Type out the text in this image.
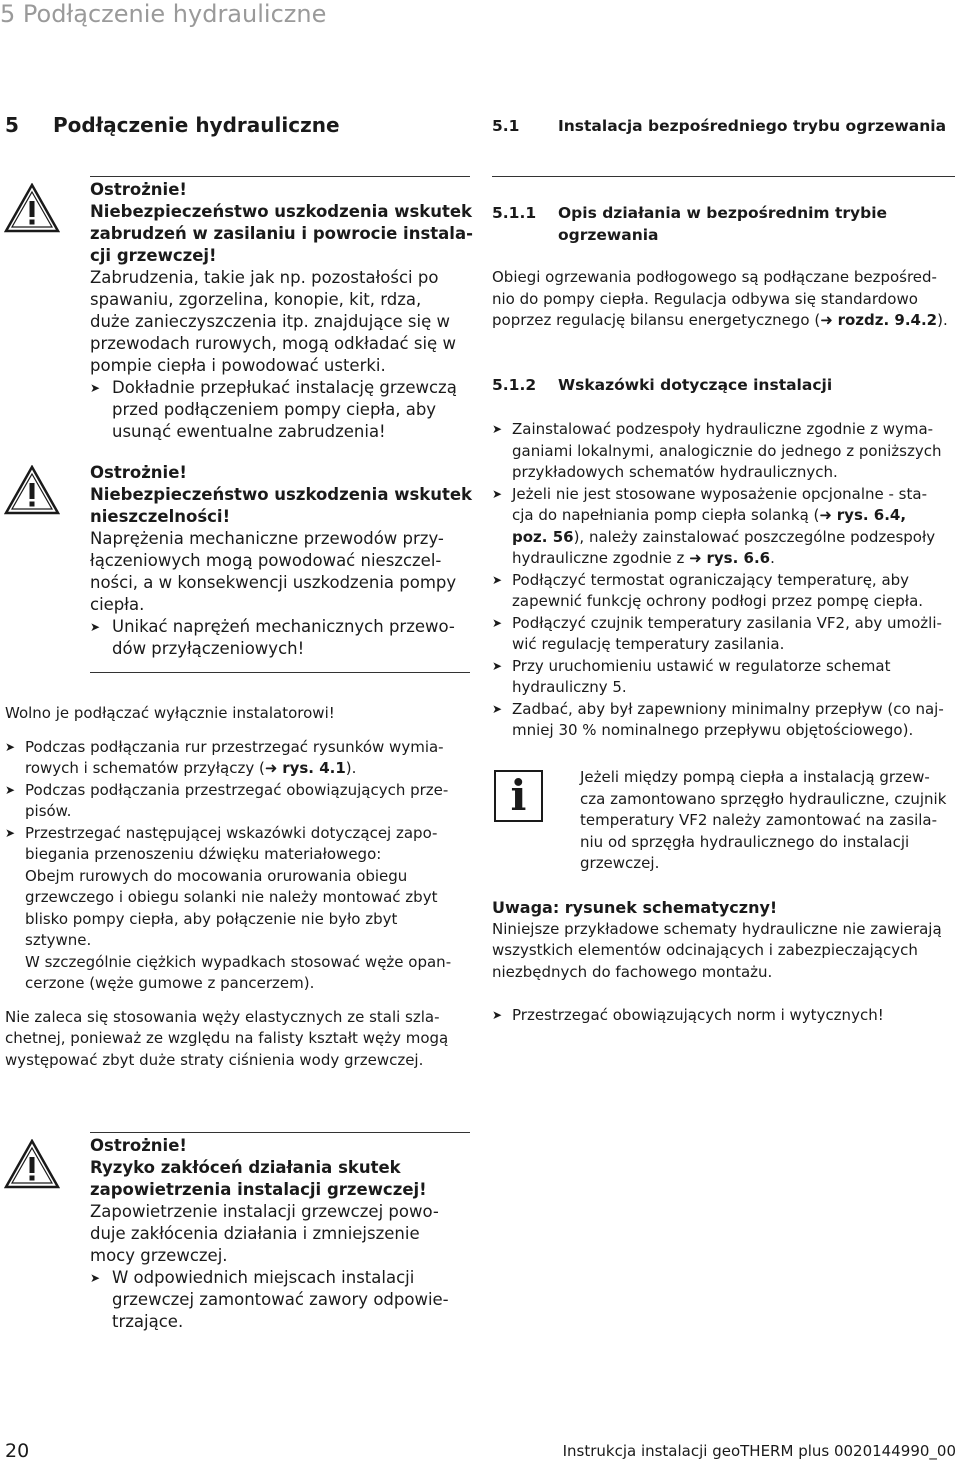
5 Podłączenie hydrauliczne
5 Podłączenie hydrauliczne	5.1 Instalacja bezpośredniego trybu ogrzewania
Ostrożnie!
Niebezpieczeństwo uszkodzenia wskutek
zabrudzeń w zasilaniu i powrocie instala-
cji grzewczej!
Zabrudzenia, takie jak np. pozostałości po
spawaniu, zgorzelina, konopie, kit, rdza,
duże zanieczyszczenia itp. znajdujące się w
przewodach rurowych, mogą odkładać się w
pompie ciepła i powodować usterki.
➤ Dokładnie przepłukać instalację grzewczą
przed podłączeniem pompy ciepła, aby
usunąć ewentualne zabrudzenia!
Ostrożnie!
Niebezpieczeństwo uszkodzenia wskutek
nieszczelności!
Naprężenia mechaniczne przewodów przy-
łączeniowych mogą powodować nieszczel-
ności, a w konsekwencji uszkodzenia pompy
ciepła.
➤ Unikać naprężeń mechanicznych przewo-
dów przyłączeniowych!
Wolno je podłączać wyłącznie instalatorowi!
➤ Podczas podłączania rur przestrzegać rysunków wymia-
rowych i schematów przyłączy (➜ rys. 4.1).
➤ Podczas podłączania przestrzegać obowiązujących prze-
pisów.
➤ Przestrzegać następującej wskazówki dotyczącej zapo-
biegania przenoszeniu dźwięku materiałowego:
Obejm rurowych do mocowania orurowania obiegu
grzewczego i obiegu solanki nie należy montować zbyt
blisko pompy ciepła, aby połączenie nie było zbyt
sztywne.
W szczególnie ciężkich wypadkach stosować węże opan-
cerzone (węże gumowe z pancerzem).
Nie zaleca się stosowania węży elastycznych ze stali szla-
chetnej, ponieważ ze względu na falisty kształt węży mogą
występować zbyt duże straty ciśnienia wody grzewczej.
5.1.1 Opis działania w bezpośrednim trybie
ogrzewania
Obiegi ogrzewania podłogowego są podłączane bezpośred-
nio do pompy ciepła. Regulacja odbywa się standardowo
poprzez regulację bilansu energetycznego (➜ rozdz. 9.4.2).
5.1.2 Wskazówki dotyczące instalacji
➤ Zainstalować podzespoły hydrauliczne zgodnie z wyma-
ganiami lokalnymi, analogicznie do jednego z poniższych
przykładowych schematów hydraulicznych.
➤ Jeżeli nie jest stosowane wyposażenie opcjonalne - sta-
cja do napełniania pomp ciepła solanką (➜ rys. 6.4,
poz. 56), należy zainstalować poszczególne podzespoły
hydrauliczne zgodnie z ➜ rys. 6.6.
➤ Podłączyć termostat ograniczający temperaturę, aby
zapewnić funkcję ochrony podłogi przez pompę ciepła.
➤ Podłączyć czujnik temperatury zasilania VF2, aby umożli-
wić regulację temperatury zasilania.
➤ Przy uruchomieniu ustawić w regulatorze schemat
hydrauliczny 5.
➤ Zadbać, aby był zapewniony minimalny przepływ (co naj-
mniej 30 % nominalnego przepływu objętościowego).
i	Jeżeli między pompą ciepła a instalacją grzew-
cza zamontowano sprzęgło hydrauliczne, czujnik
temperatury VF2 należy zamontować na zasila-
niu od sprzęgła hydraulicznego do instalacji
grzewczej.
Uwaga: rysunek schematyczny!
Niniejsze przykładowe schematy hydrauliczne nie zawierają
wszystkich elementów odcinających i zabezpieczających
niezbędnych do fachowego montażu.
➤ Przestrzegać obowiązujących norm i wytycznych!
Ostrożnie!
Ryzyko zakłóceń działania skutek
zapowietrzenia instalacji grzewczej!
Zapowietrzenie instalacji grzewczej powo-
duje zakłócenia działania i zmniejszenie
mocy grzewczej.
➤ W odpowiednich miejscach instalacji
grzewczej zamontować zawory odpowie-
trzające.
20	Instrukcja instalacji geoTHERM plus 0020144990_00
